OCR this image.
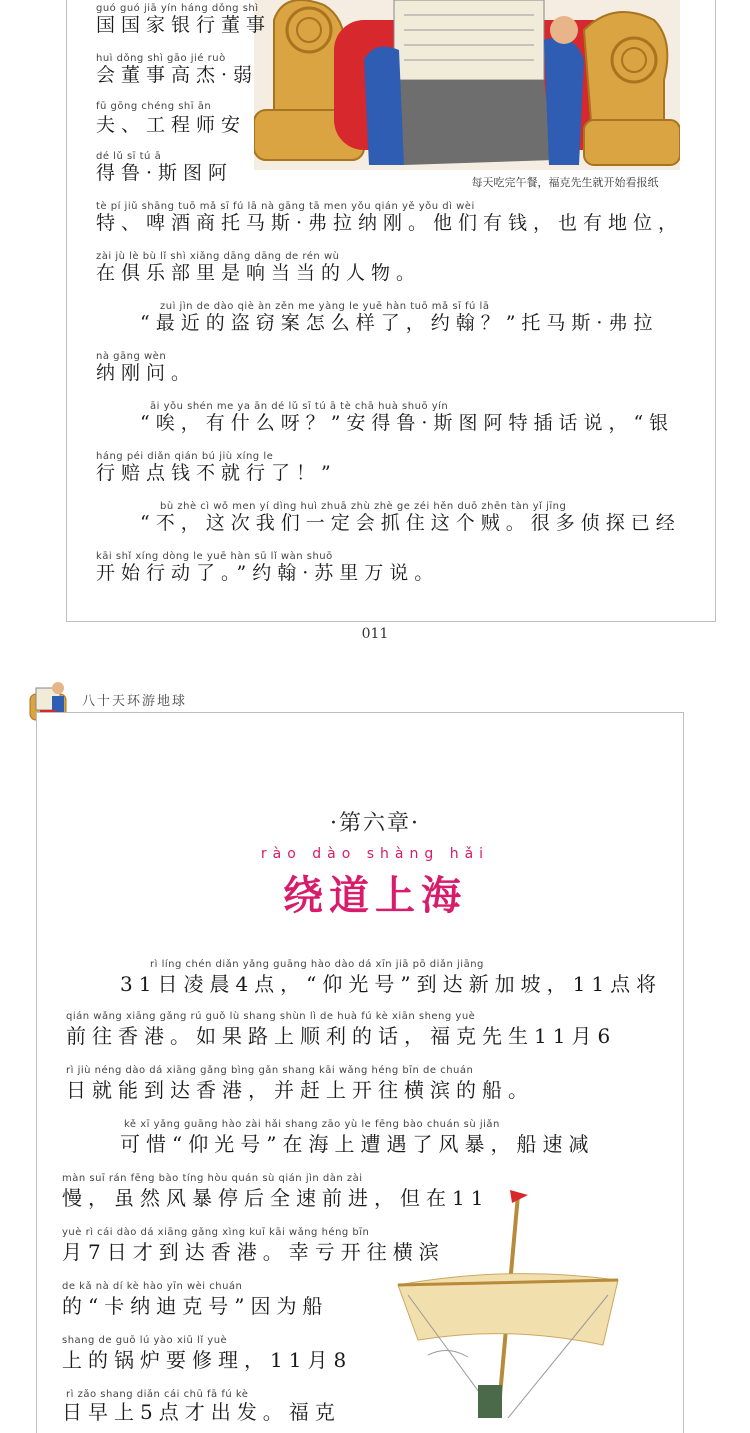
每天吃完午餐，福克先生就开始看报纸
guó guó jiā yín háng dǒng shì
国国家银行董事
huì dǒng shì gāo jié ruò
会董事高杰·弱
fū gōng chéng shī ān
夫、工程师安
dé lǔ sī tú ā
得鲁·斯图阿
tè pí jiǔ shāng tuō mǎ sī fú lā nà gāng tā men yǒu qián yě yǒu dì wèi
特、啤酒商托马斯·弗拉纳刚。他们有钱，也有地位，
zài jù lè bù lǐ shì xiǎng dāng dāng de rén wù
在俱乐部里是响当当的人物。
zuì jìn de dào qiè àn zěn me yàng le yuē hàn tuō mǎ sī fú lā
“最近的盗窃案怎么样了，约翰？”托马斯·弗拉
nà gāng wèn
纳刚问。
āi yǒu shén me ya ān dé lǔ sī tú ā tè chā huà shuō yín
“唉，有什么呀？”安得鲁·斯图阿特插话说，“银
háng péi diǎn qián bú jiù xíng le
行赔点钱不就行了！”
bù zhè cì wǒ men yí dìng huì zhuā zhù zhè ge zéi hěn duō zhēn tàn yǐ jīng
“不，这次我们一定会抓住这个贼。很多侦探已经
kāi shǐ xíng dòng le yuē hàn sū lǐ wàn shuō
开始行动了。”约翰·苏里万说。
011
八十天环游地球
·第六章·
rào dào shàng hǎi
绕道上海
rì líng chén diǎn yǎng guāng hào dào dá xīn jiā pō diǎn jiāng
31日凌晨4点，“仰光号”到达新加坡，11点将
qián wǎng xiāng gǎng rú guǒ lù shang shùn lì de huà fú kè xiān sheng yuè
前往香港。如果路上顺利的话，福克先生11月6
rì jiù néng dào dá xiāng gǎng bìng gǎn shang kāi wǎng héng bīn de chuán
日就能到达香港，并赶上开往横滨的船。
kě xī yǎng guāng hào zài hǎi shang zāo yù le fēng bào chuán sù jiǎn
可惜“仰光号”在海上遭遇了风暴，船速减
màn suī rán fēng bào tíng hòu quán sù qián jìn dàn zài
慢，虽然风暴停后全速前进，但在11
yuè rì cái dào dá xiāng gǎng xìng kuī kāi wǎng héng bīn
月7日才到达香港。幸亏开往横滨
de kǎ nà dí kè hào yīn wèi chuán
的“卡纳迪克号”因为船
shang de guō lú yào xiū lǐ yuè
上的锅炉要修理，11月8
rì zǎo shang diǎn cái chū fā fú kè
日早上5点才出发。福克
